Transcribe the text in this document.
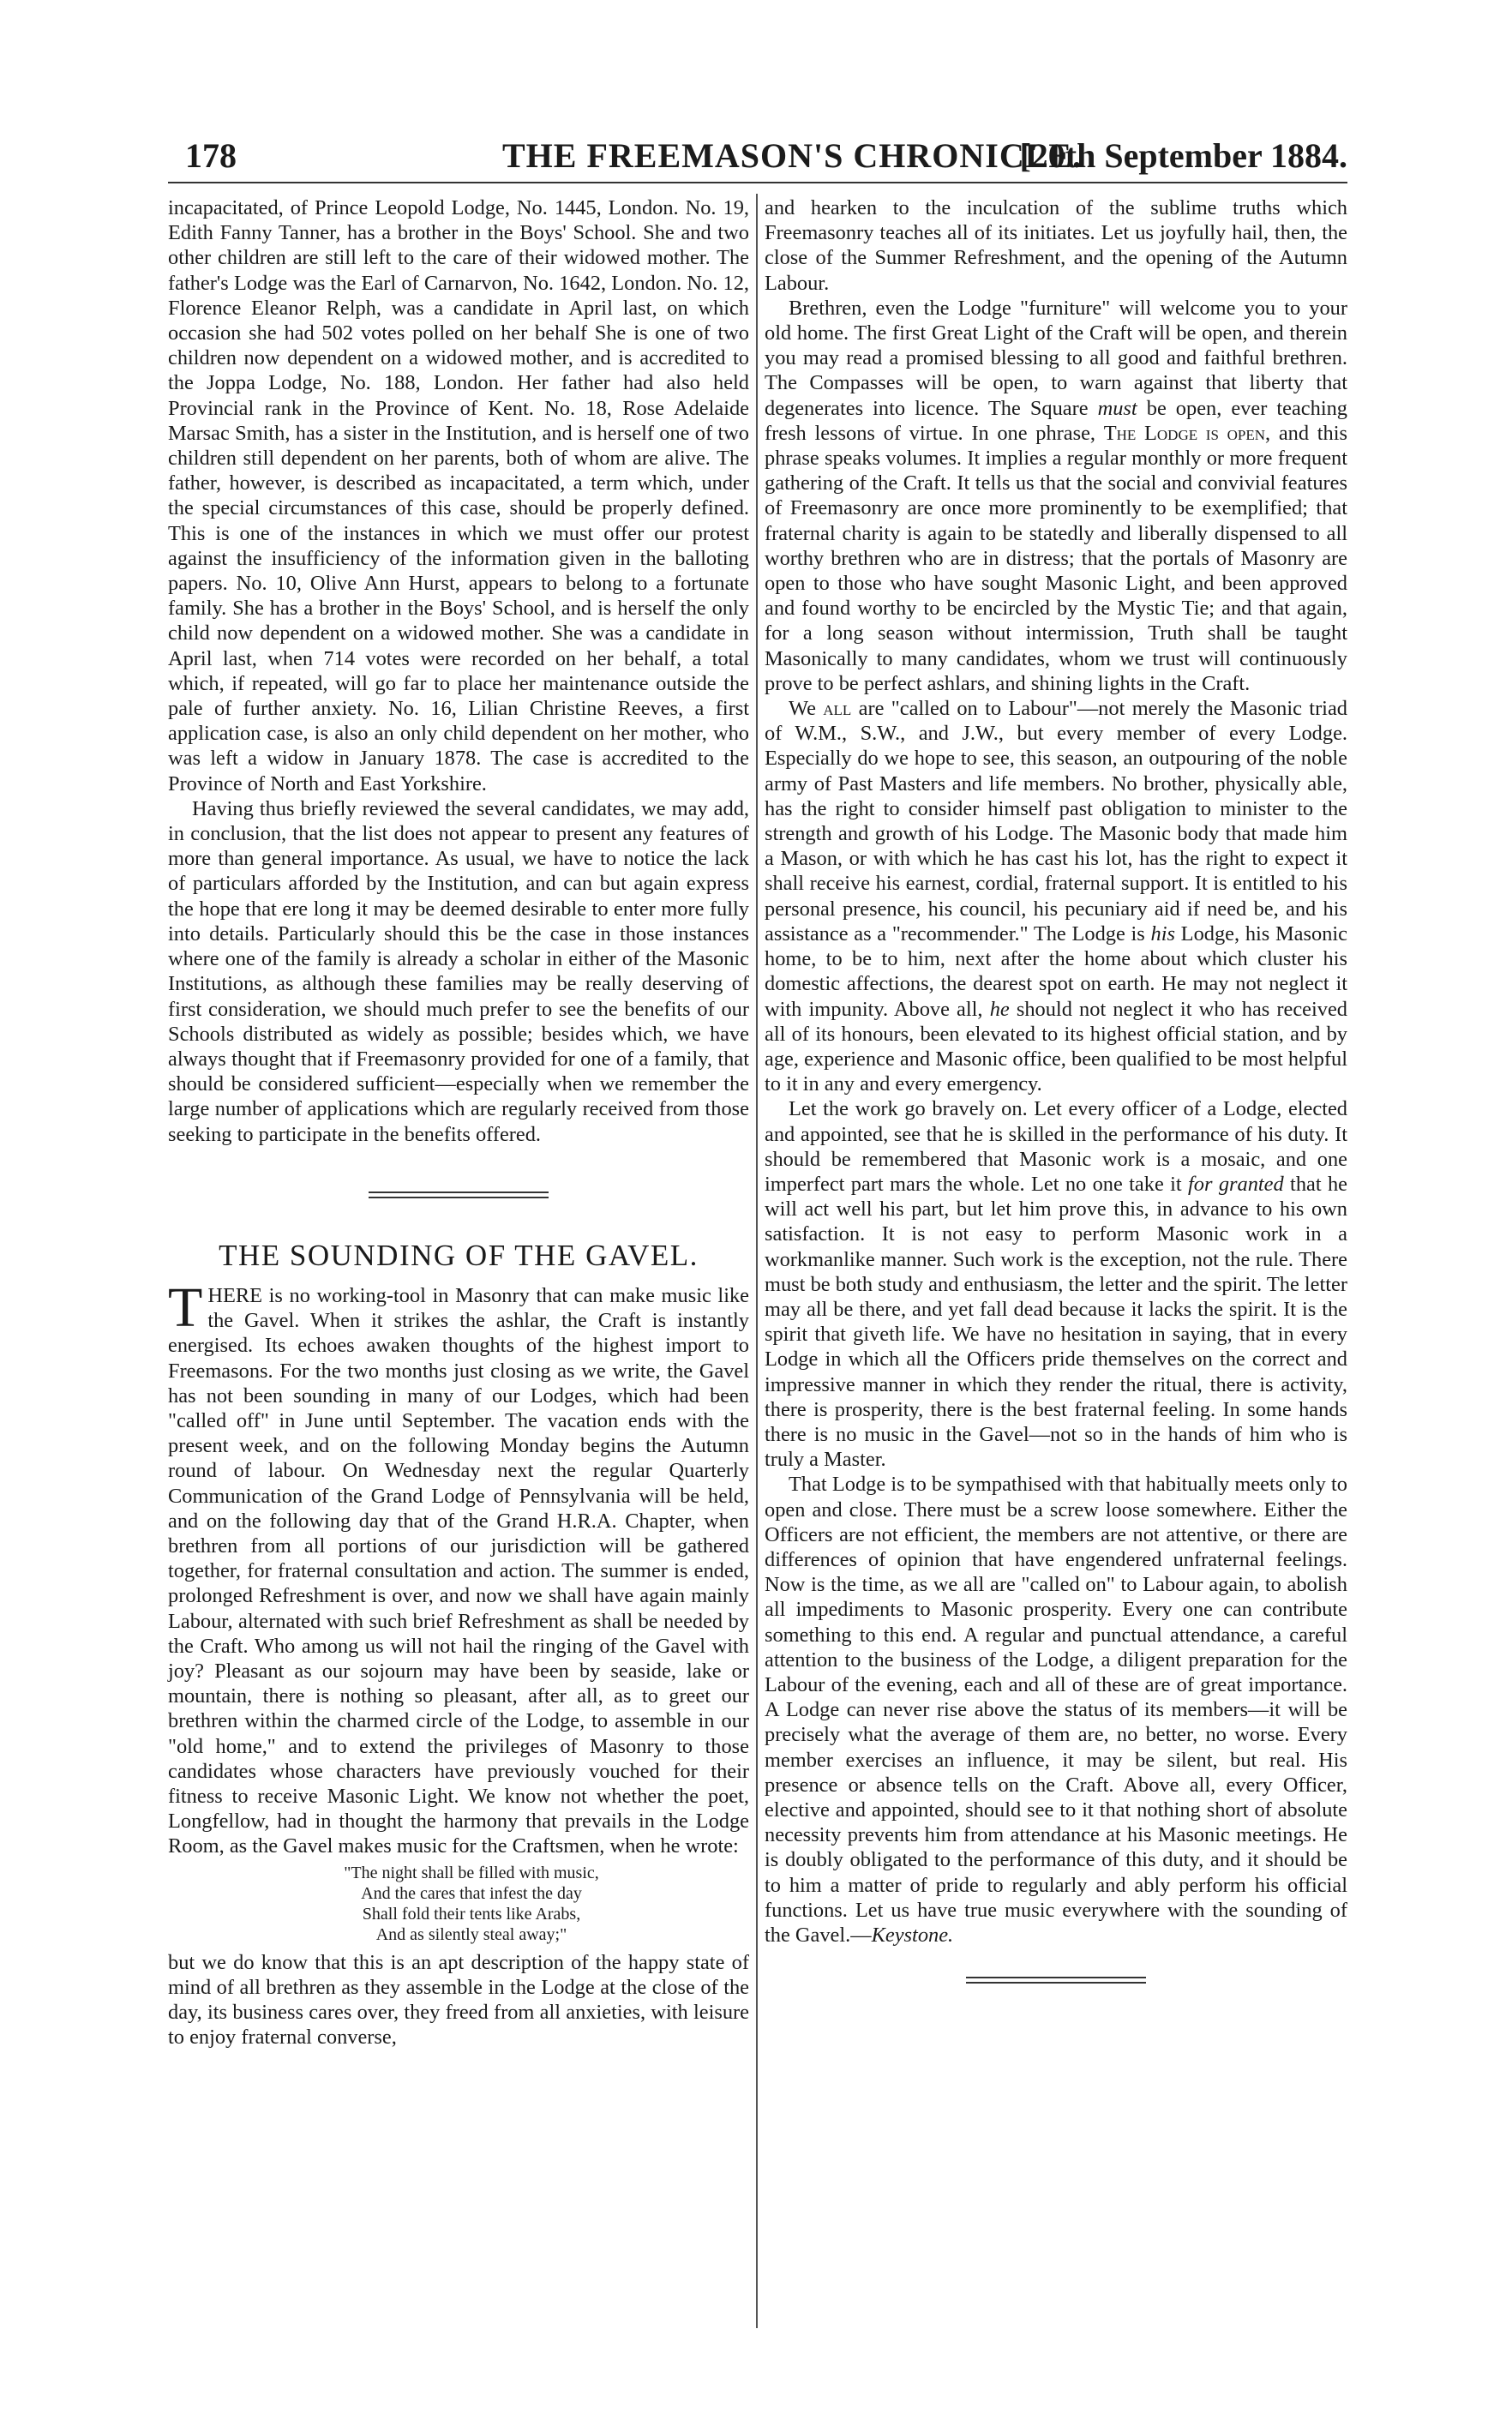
178	THE FREEMASON'S CHRONICLE.
[20th September 1884.

incapacitated, of Prince Leopold Lodge, No. 1445, London. No. 19, Edith Fanny Tanner, has a brother in the Boys' School. She and two other children are still left to the care of their widowed mother. The father's Lodge was the Earl of Carnarvon, No. 1642, London. No. 12, Florence Eleanor Relph, was a candidate in April last, on which occasion she had 502 votes polled on her behalf She is one of two children now dependent on a widowed mother, and is accredited to the Joppa Lodge, No. 188, London. Her father had also held Provincial rank in the Province of Kent. No. 18, Rose Adelaide Marsac Smith, has a sister in the Institution, and is herself one of two children still dependent on her parents, both of whom are alive. The father, however, is described as incapacitated, a term which, under the special circumstances of this case, should be properly defined. This is one of the instances in which we must offer our protest against the insufficiency of the information given in the balloting papers. No. 10, Olive Ann Hurst, appears to belong to a fortunate family. She has a brother in the Boys' School, and is herself the only child now dependent on a widowed mother. She was a candidate in April last, when 714 votes were recorded on her behalf, a total which, if repeated, will go far to place her maintenance outside the pale of further anxiety. No. 16, Lilian Christine Reeves, a first application case, is also an only child dependent on her mother, who was left a widow in January 1878. The case is accredited to the Province of North and East Yorkshire.

Having thus briefly reviewed the several candidates, we may add, in conclusion, that the list does not appear to present any features of more than general importance. As usual, we have to notice the lack of particulars afforded by the Institution, and can but again express the hope that ere long it may be deemed desirable to enter more fully into details. Particularly should this be the case in those instances where one of the family is already a scholar in either of the Masonic Institutions, as although these families may be really deserving of first consideration, we should much prefer to see the benefits of our Schools distributed as widely as possible; besides which, we have always thought that if Freemasonry provided for one of a family, that should be considered sufficient—especially when we remember the large number of applications which are regularly received from those seeking to participate in the benefits offered.

THE SOUNDING OF THE GAVEL.

THERE is no working-tool in Masonry that can make music like the Gavel. When it strikes the ashlar, the Craft is instantly energised. Its echoes awaken thoughts of the highest import to Freemasons. For the two months just closing as we write, the Gavel has not been sounding in many of our Lodges, which had been "called off" in June until September. The vacation ends with the present week, and on the following Monday begins the Autumn round of labour. On Wednesday next the regular Quarterly Communication of the Grand Lodge of Pennsylvania will be held, and on the following day that of the Grand H.R.A. Chapter, when brethren from all portions of our jurisdiction will be gathered together, for fraternal consultation and action. The summer is ended, prolonged Refreshment is over, and now we shall have again mainly Labour, alternated with such brief Refreshment as shall be needed by the Craft. Who among us will not hail the ringing of the Gavel with joy? Pleasant as our sojourn may have been by seaside, lake or mountain, there is nothing so pleasant, after all, as to greet our brethren within the charmed circle of the Lodge, to assemble in our "old home," and to extend the privileges of Masonry to those candidates whose characters have previously vouched for their fitness to receive Masonic Light. We know not whether the poet, Longfellow, had in thought the harmony that prevails in the Lodge Room, as the Gavel makes music for the Craftsmen, when he wrote:

"The night shall be filled with music,
And the cares that infest the day
Shall fold their tents like Arabs,
And as silently steal away;"

but we do know that this is an apt description of the happy state of mind of all brethren as they assemble in the Lodge at the close of the day, its business cares over, they freed from all anxieties, with leisure to enjoy fraternal converse,

and hearken to the inculcation of the sublime truths which Freemasonry teaches all of its initiates. Let us joyfully hail, then, the close of the Summer Refreshment, and the opening of the Autumn Labour.

Brethren, even the Lodge "furniture" will welcome you to your old home. The first Great Light of the Craft will be open, and therein you may read a promised blessing to all good and faithful brethren. The Compasses will be open, to warn against that liberty that degenerates into licence. The Square must be open, ever teaching fresh lessons of virtue. In one phrase, The Lodge is open, and this phrase speaks volumes. It implies a regular monthly or more frequent gathering of the Craft. It tells us that the social and convivial features of Freemasonry are once more prominently to be exemplified; that fraternal charity is again to be statedly and liberally dispensed to all worthy brethren who are in distress; that the portals of Masonry are open to those who have sought Masonic Light, and been approved and found worthy to be encircled by the Mystic Tie; and that again, for a long season without intermission, Truth shall be taught Masonically to many candidates, whom we trust will continuously prove to be perfect ashlars, and shining lights in the Craft.

We all are "called on to Labour"—not merely the Masonic triad of W.M., S.W., and J.W., but every member of every Lodge. Especially do we hope to see, this season, an outpouring of the noble army of Past Masters and life members. No brother, physically able, has the right to consider himself past obligation to minister to the strength and growth of his Lodge. The Masonic body that made him a Mason, or with which he has cast his lot, has the right to expect it shall receive his earnest, cordial, fraternal support. It is entitled to his personal presence, his council, his pecuniary aid if need be, and his assistance as a "recommender." The Lodge is his Lodge, his Masonic home, to be to him, next after the home about which cluster his domestic affections, the dearest spot on earth. He may not neglect it with impunity. Above all, he should not neglect it who has received all of its honours, been elevated to its highest official station, and by age, experience and Masonic office, been qualified to be most helpful to it in any and every emergency.

Let the work go bravely on. Let every officer of a Lodge, elected and appointed, see that he is skilled in the performance of his duty. It should be remembered that Masonic work is a mosaic, and one imperfect part mars the whole. Let no one take it for granted that he will act well his part, but let him prove this, in advance to his own satisfaction. It is not easy to perform Masonic work in a workmanlike manner. Such work is the exception, not the rule. There must be both study and enthusiasm, the letter and the spirit. The letter may all be there, and yet fall dead because it lacks the spirit. It is the spirit that giveth life. We have no hesitation in saying, that in every Lodge in which all the Officers pride themselves on the correct and impressive manner in which they render the ritual, there is activity, there is prosperity, there is the best fraternal feeling. In some hands there is no music in the Gavel—not so in the hands of him who is truly a Master.

That Lodge is to be sympathised with that habitually meets only to open and close. There must be a screw loose somewhere. Either the Officers are not efficient, the members are not attentive, or there are differences of opinion that have engendered unfraternal feelings. Now is the time, as we all are "called on" to Labour again, to abolish all impediments to Masonic prosperity. Every one can contribute something to this end. A regular and punctual attendance, a careful attention to the business of the Lodge, a diligent preparation for the Labour of the evening, each and all of these are of great importance. A Lodge can never rise above the status of its members—it will be precisely what the average of them are, no better, no worse. Every member exercises an influence, it may be silent, but real. His presence or absence tells on the Craft. Above all, every Officer, elective and appointed, should see to it that nothing short of absolute necessity prevents him from attendance at his Masonic meetings. He is doubly obligated to the performance of this duty, and it should be to him a matter of pride to regularly and ably perform his official functions. Let us have true music everywhere with the sounding of the Gavel.—Keystone.
